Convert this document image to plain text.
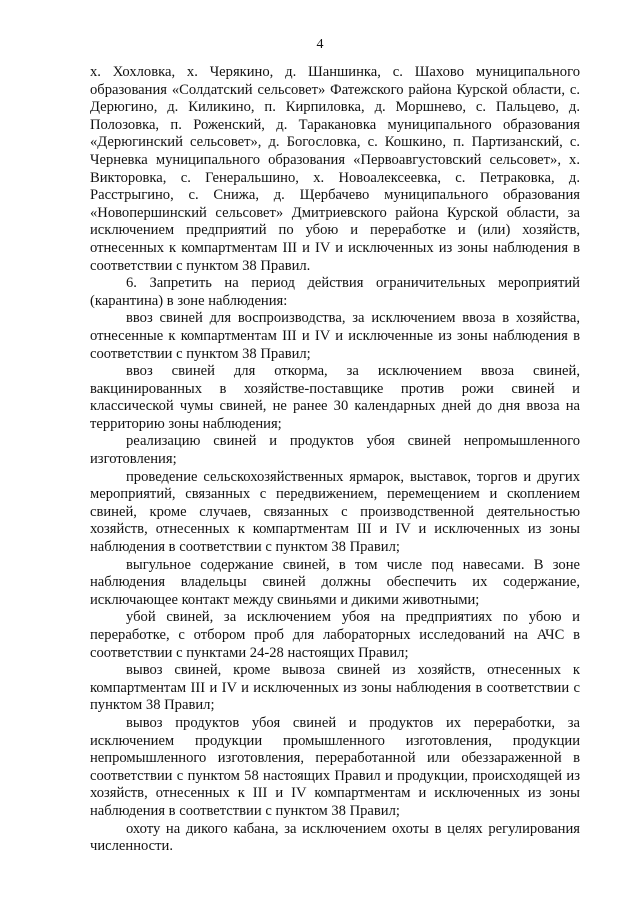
4

х. Хохловка, х. Черякино, д. Шаншинка, с. Шахово муниципального образования «Солдатский сельсовет» Фатежского района Курской области, с. Дерюгино, д. Киликино, п. Кирпиловка, д. Моршнево, с. Пальцево, д. Полозовка, п. Роженский, д. Тараканoвка муниципального образования «Дерюгинский сельсовет», д. Богословка, с. Кошкино, п. Партизанский, с. Черневка муниципального образования «Первоавгустовский сельсовет», х. Викторовка, с. Генеральшино, х. Новоалексеевка, с. Петраковка, д. Расстрыгино, с. Снижа, д. Щербачево муниципального образования «Новопершинский сельсовет» Дмитриевского района Курской области, за исключением предприятий по убою и переработке и (или) хозяйств, отнесенных к компартментам III и IV и исключенных из зоны наблюдения в соответствии с пунктом 38 Правил.

6. Запретить на период действия ограничительных мероприятий (карантина) в зоне наблюдения:

ввоз свиней для воспроизводства, за исключением ввоза в хозяйства, отнесенные к компартментам III и IV и исключенные из зоны наблюдения в соответствии с пунктом 38 Правил;

ввоз свиней для откорма, за исключением ввоза свиней, вакцинированных в хозяйстве-поставщике против рожи свиней и классической чумы свиней, не ранее 30 календарных дней до дня ввоза на территорию зоны наблюдения;

реализацию свиней и продуктов убоя свиней непромышленного изготовления;

проведение сельскохозяйственных ярмарок, выставок, торгов и других мероприятий, связанных с передвижением, перемещением и скоплением свиней, кроме случаев, связанных с производственной деятельностью хозяйств, отнесенных к компартментам III и IV и исключенных из зоны наблюдения в соответствии с пунктом 38 Правил;

выгульное содержание свиней, в том числе под навесами. В зоне наблюдения владельцы свиней должны обеспечить их содержание, исключающее контакт между свиньями и дикими животными;

убой свиней, за исключением убоя на предприятиях по убою и переработке, с отбором проб для лабораторных исследований на АЧС в соответствии с пунктами 24-28 настоящих Правил;

вывоз свиней, кроме вывоза свиней из хозяйств, отнесенных к компартментам III и IV и исключенных из зоны наблюдения в соответствии с пунктом 38 Правил;

вывоз продуктов убоя свиней и продуктов их переработки, за исключением продукции промышленного изготовления, продукции непромышленного изготовления, переработанной или обеззараженной в соответствии с пунктом 58 настоящих Правил и продукции, происходящей из хозяйств, отнесенных к III и IV компартментам и исключенных из зоны наблюдения в соответствии с пунктом 38 Правил;

охоту на дикого кабана, за исключением охоты в целях регулирования численности.
